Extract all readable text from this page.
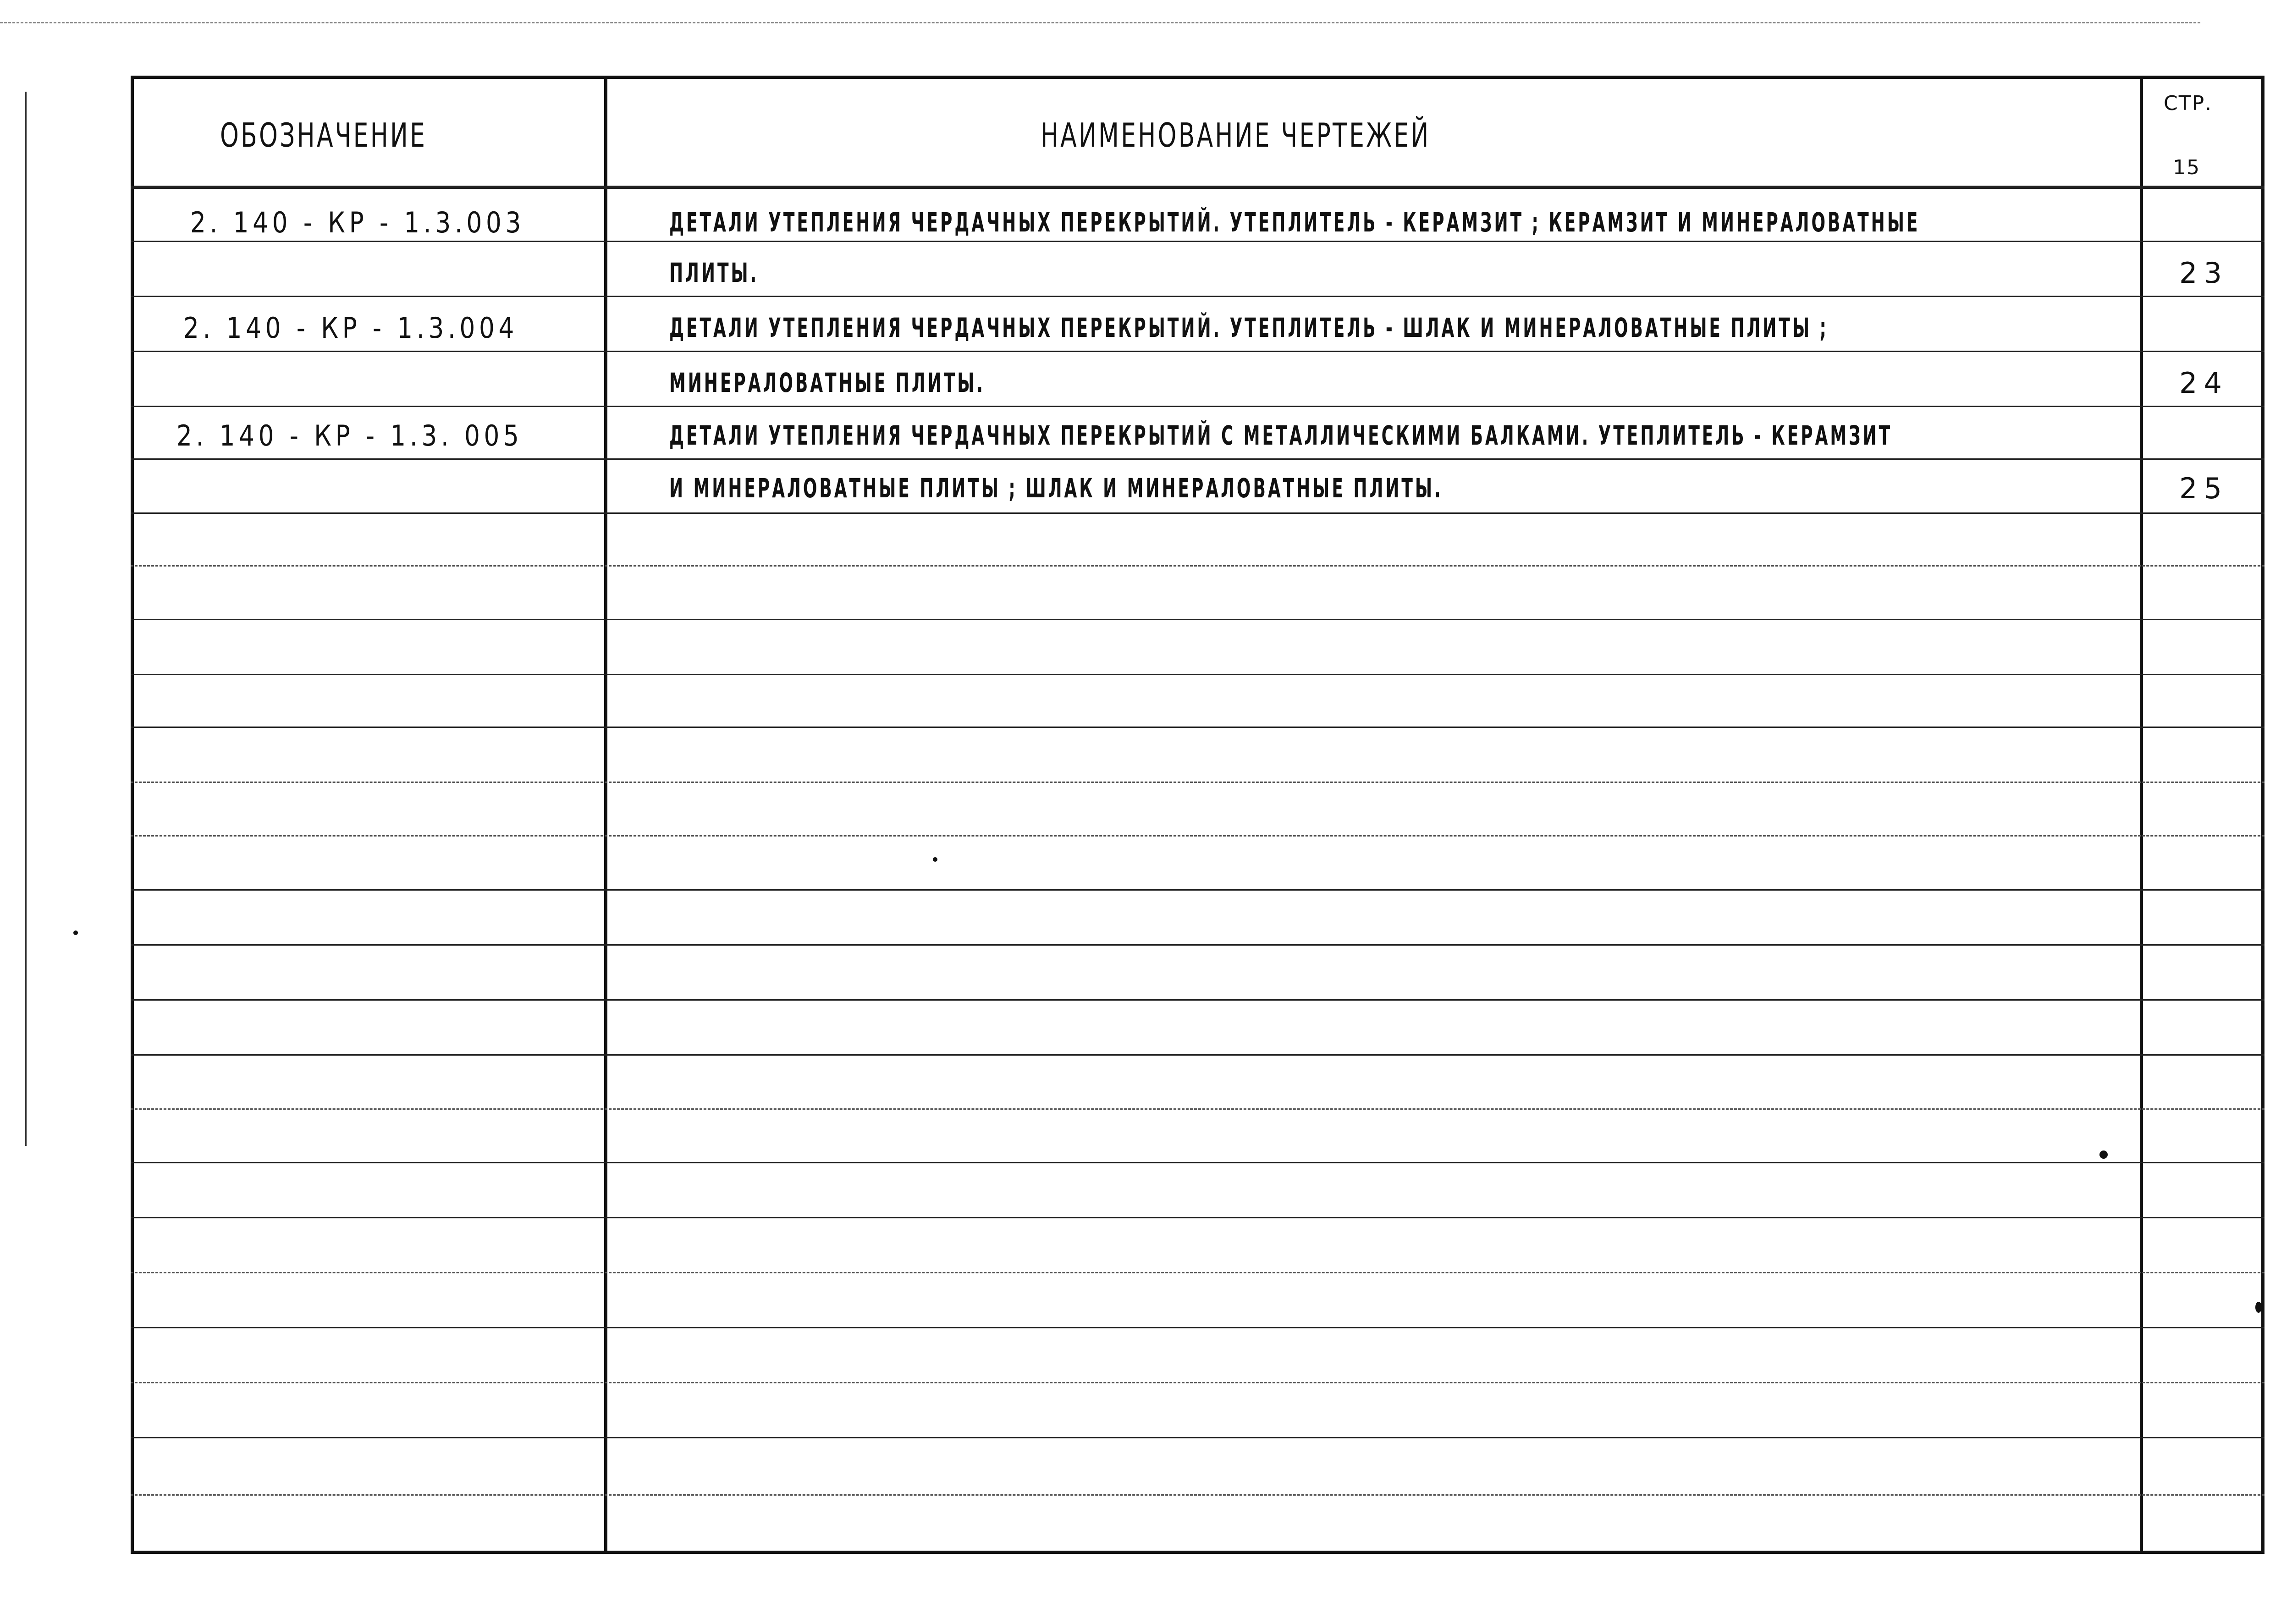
ОБОЗНАЧЕНИЕ	НАИМЕНОВАНИЕ ЧЕРТЕЖЕЙ
СТР.
15
2. 140 - КР - 1.3.003	ДЕТАЛИ УТЕПЛЕНИЯ ЧЕРДАЧНЫХ ПЕРЕКРЫТИЙ. УТЕПЛИТЕЛЬ - КЕРАМЗИТ ; КЕРАМЗИТ И МИНЕРАЛОВАТНЫЕ
ПЛИТЫ.	23
2. 140 - КР - 1.3.004	ДЕТАЛИ УТЕПЛЕНИЯ ЧЕРДАЧНЫХ ПЕРЕКРЫТИЙ. УТЕПЛИТЕЛЬ - ШЛАК И МИНЕРАЛОВАТНЫЕ ПЛИТЫ ;
МИНЕРАЛОВАТНЫЕ ПЛИТЫ.	24
2. 140 - КР - 1.3. 005	ДЕТАЛИ УТЕПЛЕНИЯ ЧЕРДАЧНЫХ ПЕРЕКРЫТИЙ С МЕТАЛЛИЧЕСКИМИ БАЛКАМИ. УТЕПЛИТЕЛЬ - КЕРАМЗИТ
И МИНЕРАЛОВАТНЫЕ ПЛИТЫ ; ШЛАК И МИНЕРАЛОВАТНЫЕ ПЛИТЫ.	25
